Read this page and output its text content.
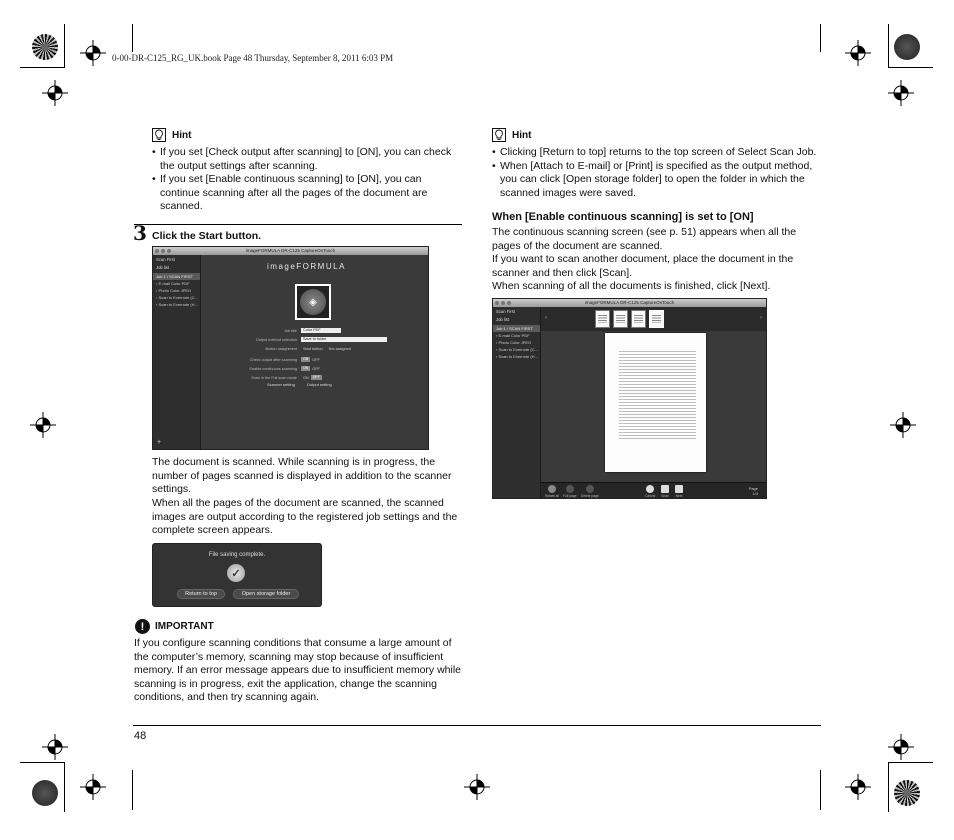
0-00-DR-C125_RG_UK.book Page 48 Thursday, September 8, 2011 6:03 PM
Hint
• If you set [Check output after scanning] to [ON], you can check the output settings after scanning.
• If you set [Enable continuous scanning] to [ON], you can continue scanning after all the pages of the document are scanned.
3 Click the Start button.
imageFORMULA DR-C125 CaptureOnTouch
Scan First
Job list
Job 1 / SCAN FIRST
▪ E-mail Color PDF
▪ Photo Color JPEG
▪ Scan to Evernote (C...
▪ Scan to Evernote (H...
+
imageFORMULA
◈
Job title	Color PDF
Output method selection	Save to folder
Button assignment	Start button Not assigned
Check output after scanning	ON	OFF
Enable continuous scanning	ON	OFF
Scan in the Full scan mode	ON	OFF
Scanner setting	Output setting
The document is scanned. While scanning is in progress, the number of pages scanned is displayed in addition to the scanner settings.
When all the pages of the document are scanned, the scanned images are output according to the registered job settings and the complete screen appears.
File saving complete.
✓
Return to top	Open storage folder
!	IMPORTANT
If you configure scanning conditions that consume a large amount of the computer’s memory, scanning may stop because of insufficient memory. If an error message appears due to insufficient memory while scanning is in progress, exit the application, change the scanning conditions, and then try scanning again.
Hint
• Clicking [Return to top] returns to the top screen of Select Scan Job.
• When [Attach to E-mail] or [Print] is specified as the output method, you can click [Open storage folder] to open the folder in which the scanned images were saved.
When [Enable continuous scanning] is set to [ON]
The continuous scanning screen (see p. 51) appears when all the pages of the document are scanned.
If you want to scan another document, place the document in the scanner and then click [Scan].
When scanning of all the documents is finished, click [Next].
imageFORMULA DR-C125 CaptureOnTouch
Scan First
Job list
Job 1 / SCAN FIRST
▪ E-mail Color PDF
▪ Photo Color JPEG
▪ Scan to Evernote (C...
▪ Scan to Evernote (H...
‹	›
Rotate all Full page Delete page	Cancel Scan Next
Page
1/4
48
